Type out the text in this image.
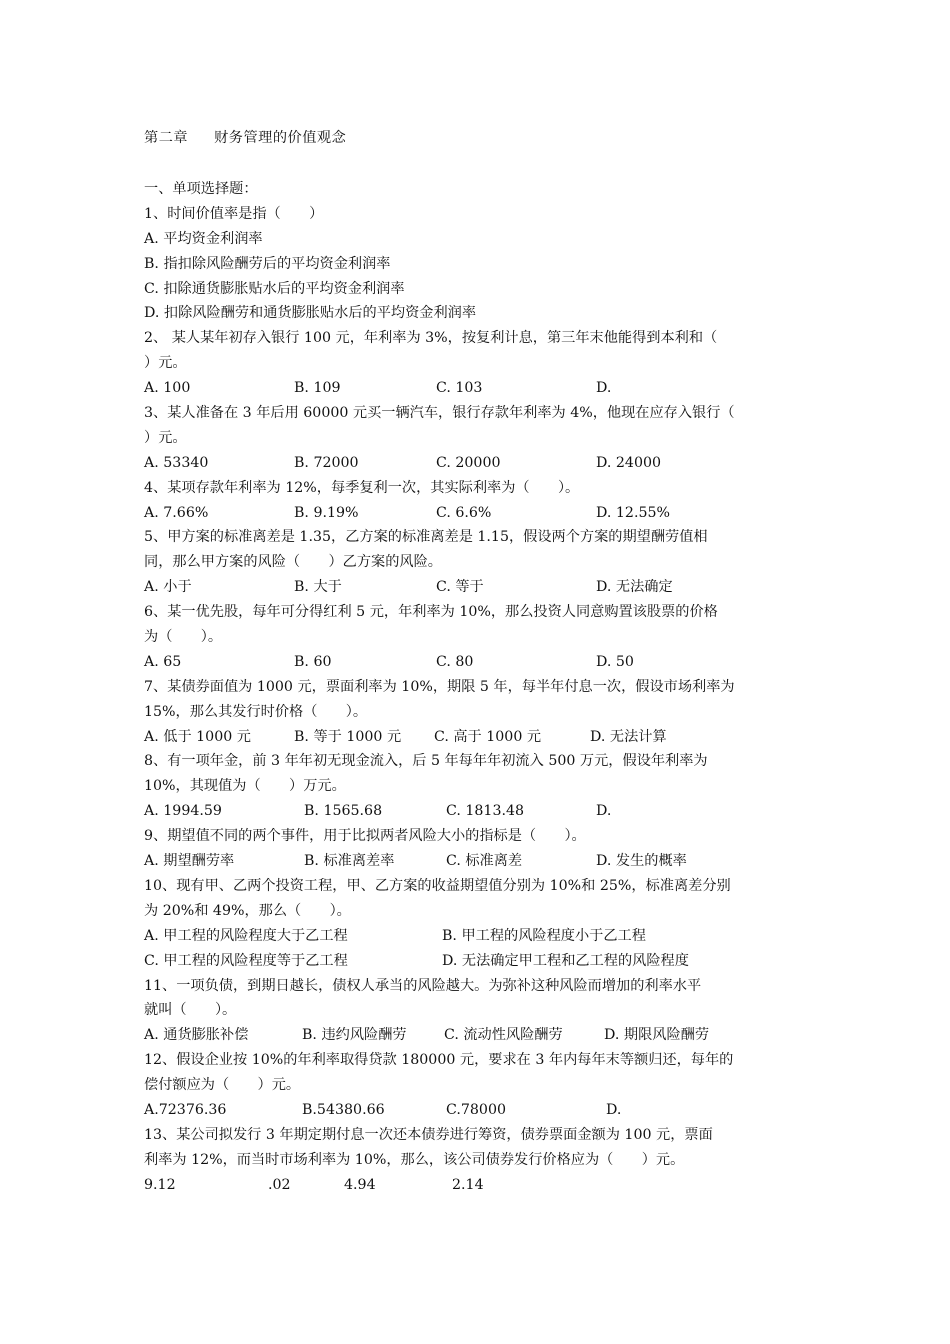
第二章 财务管理的价值观念
一、单项选择题：
1、时间价值率是指（　　）
A. 平均资金利润率
B. 指扣除风险酬劳后的平均资金利润率
C. 扣除通货膨胀贴水后的平均资金利润率
D. 扣除风险酬劳和通货膨胀贴水后的平均资金利润率
2、 某人某年初存入银行 100 元，年利率为 3%，按复利计息，第三年末他能得到本利和（
）元。
A. 100	B. 109	C. 103	D.
3、某人准备在 3 年后用 60000 元买一辆汽车，银行存款年利率为 4%，他现在应存入银行（
）元。
A. 53340	B. 72000	C. 20000	D. 24000
4、某项存款年利率为 12%，每季复利一次，其实际利率为（　　）。
A. 7.66%	B. 9.19%	C. 6.6%	D. 12.55%
5、甲方案的标准离差是 1.35，乙方案的标准离差是 1.15，假设两个方案的期望酬劳值相
同，那么甲方案的风险（　　）乙方案的风险。
A. 小于	B. 大于	C. 等于	D. 无法确定
6、某一优先股，每年可分得红利 5 元，年利率为 10%，那么投资人同意购置该股票的价格
为（　　）。
A. 65	B. 60	C. 80	D. 50
7、某债券面值为 1000 元，票面利率为 10%，期限 5 年，每半年付息一次，假设市场利率为
15%，那么其发行时价格（　　）。
A. 低于 1000 元	B. 等于 1000 元 C. 高于 1000 元	D. 无法计算
8、有一项年金，前 3 年年初无现金流入，后 5 年每年年初流入 500 万元，假设年利率为
10%，其现值为（　　）万元。
A. 1994.59	B. 1565.68	C. 1813.48	D.
9、期望值不同的两个事件，用于比拟两者风险大小的指标是（　　）。
A. 期望酬劳率	B. 标准离差率	C. 标准离差	D. 发生的概率
10、现有甲、乙两个投资工程，甲、乙方案的收益期望值分别为 10%和 25%，标准离差分别
为 20%和 49%，那么（　　）。
A. 甲工程的风险程度大于乙工程	B. 甲工程的风险程度小于乙工程
C. 甲工程的风险程度等于乙工程	D. 无法确定甲工程和乙工程的风险程度
11、一项负债，到期日越长，债权人承当的风险越大。为弥补这种风险而增加的利率水平
就叫（　　）。
A. 通货膨胀补偿	B. 违约风险酬劳	C. 流动性风险酬劳	D. 期限风险酬劳
12、假设企业按 10%的年利率取得贷款 180000 元，要求在 3 年内每年末等额归还，每年的
偿付额应为（　　）元。
A.72376.36	B.54380.66	C.78000	D.
13、某公司拟发行 3 年期定期付息一次还本债券进行筹资，债券票面金额为 100 元，票面
利率为 12%，而当时市场利率为 10%，那么，该公司债券发行价格应为（　　）元。
9.12	.02	4.94	2.14
